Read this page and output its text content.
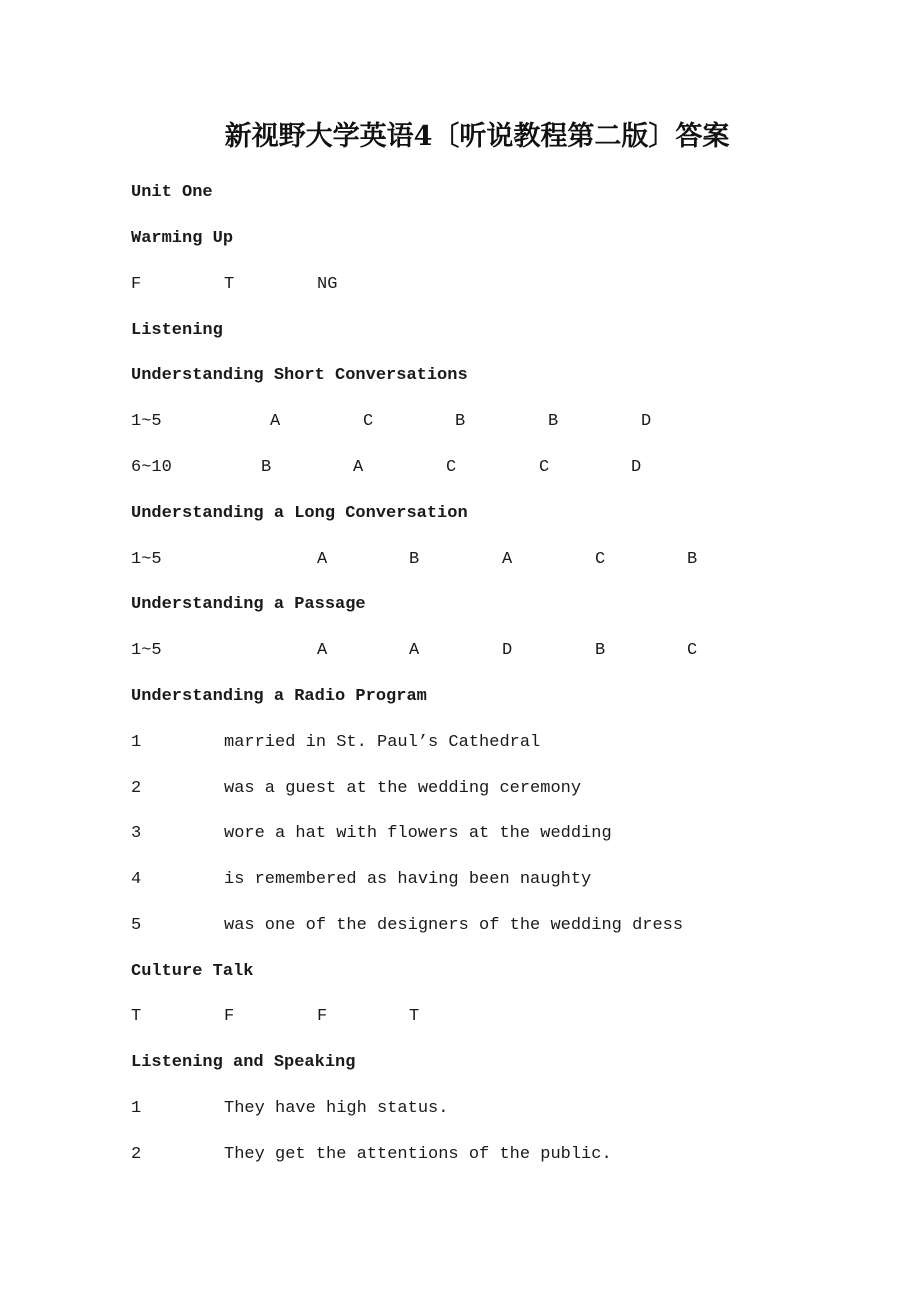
新视野大学英语4〔听说教程第二版〕答案
Unit One
Warming Up
F	T	NG
Listening
Understanding Short Conversations
1~5	A	C	B	B	D
6~10	B	A	C	C	D
Understanding a Long Conversation
1~5	A	B	A	C	B
Understanding a Passage
1~5	A	A	D	B	C
Understanding a Radio Program
1	married in St. Paul’s Cathedral
2	was a guest at the wedding ceremony
3	wore a hat with flowers at the wedding
4	is remembered as having been naughty
5	was one of the designers of the wedding dress
Culture Talk
T	F	F	T
Listening and Speaking
1	They have high status.
2	They get the attentions of the public.
